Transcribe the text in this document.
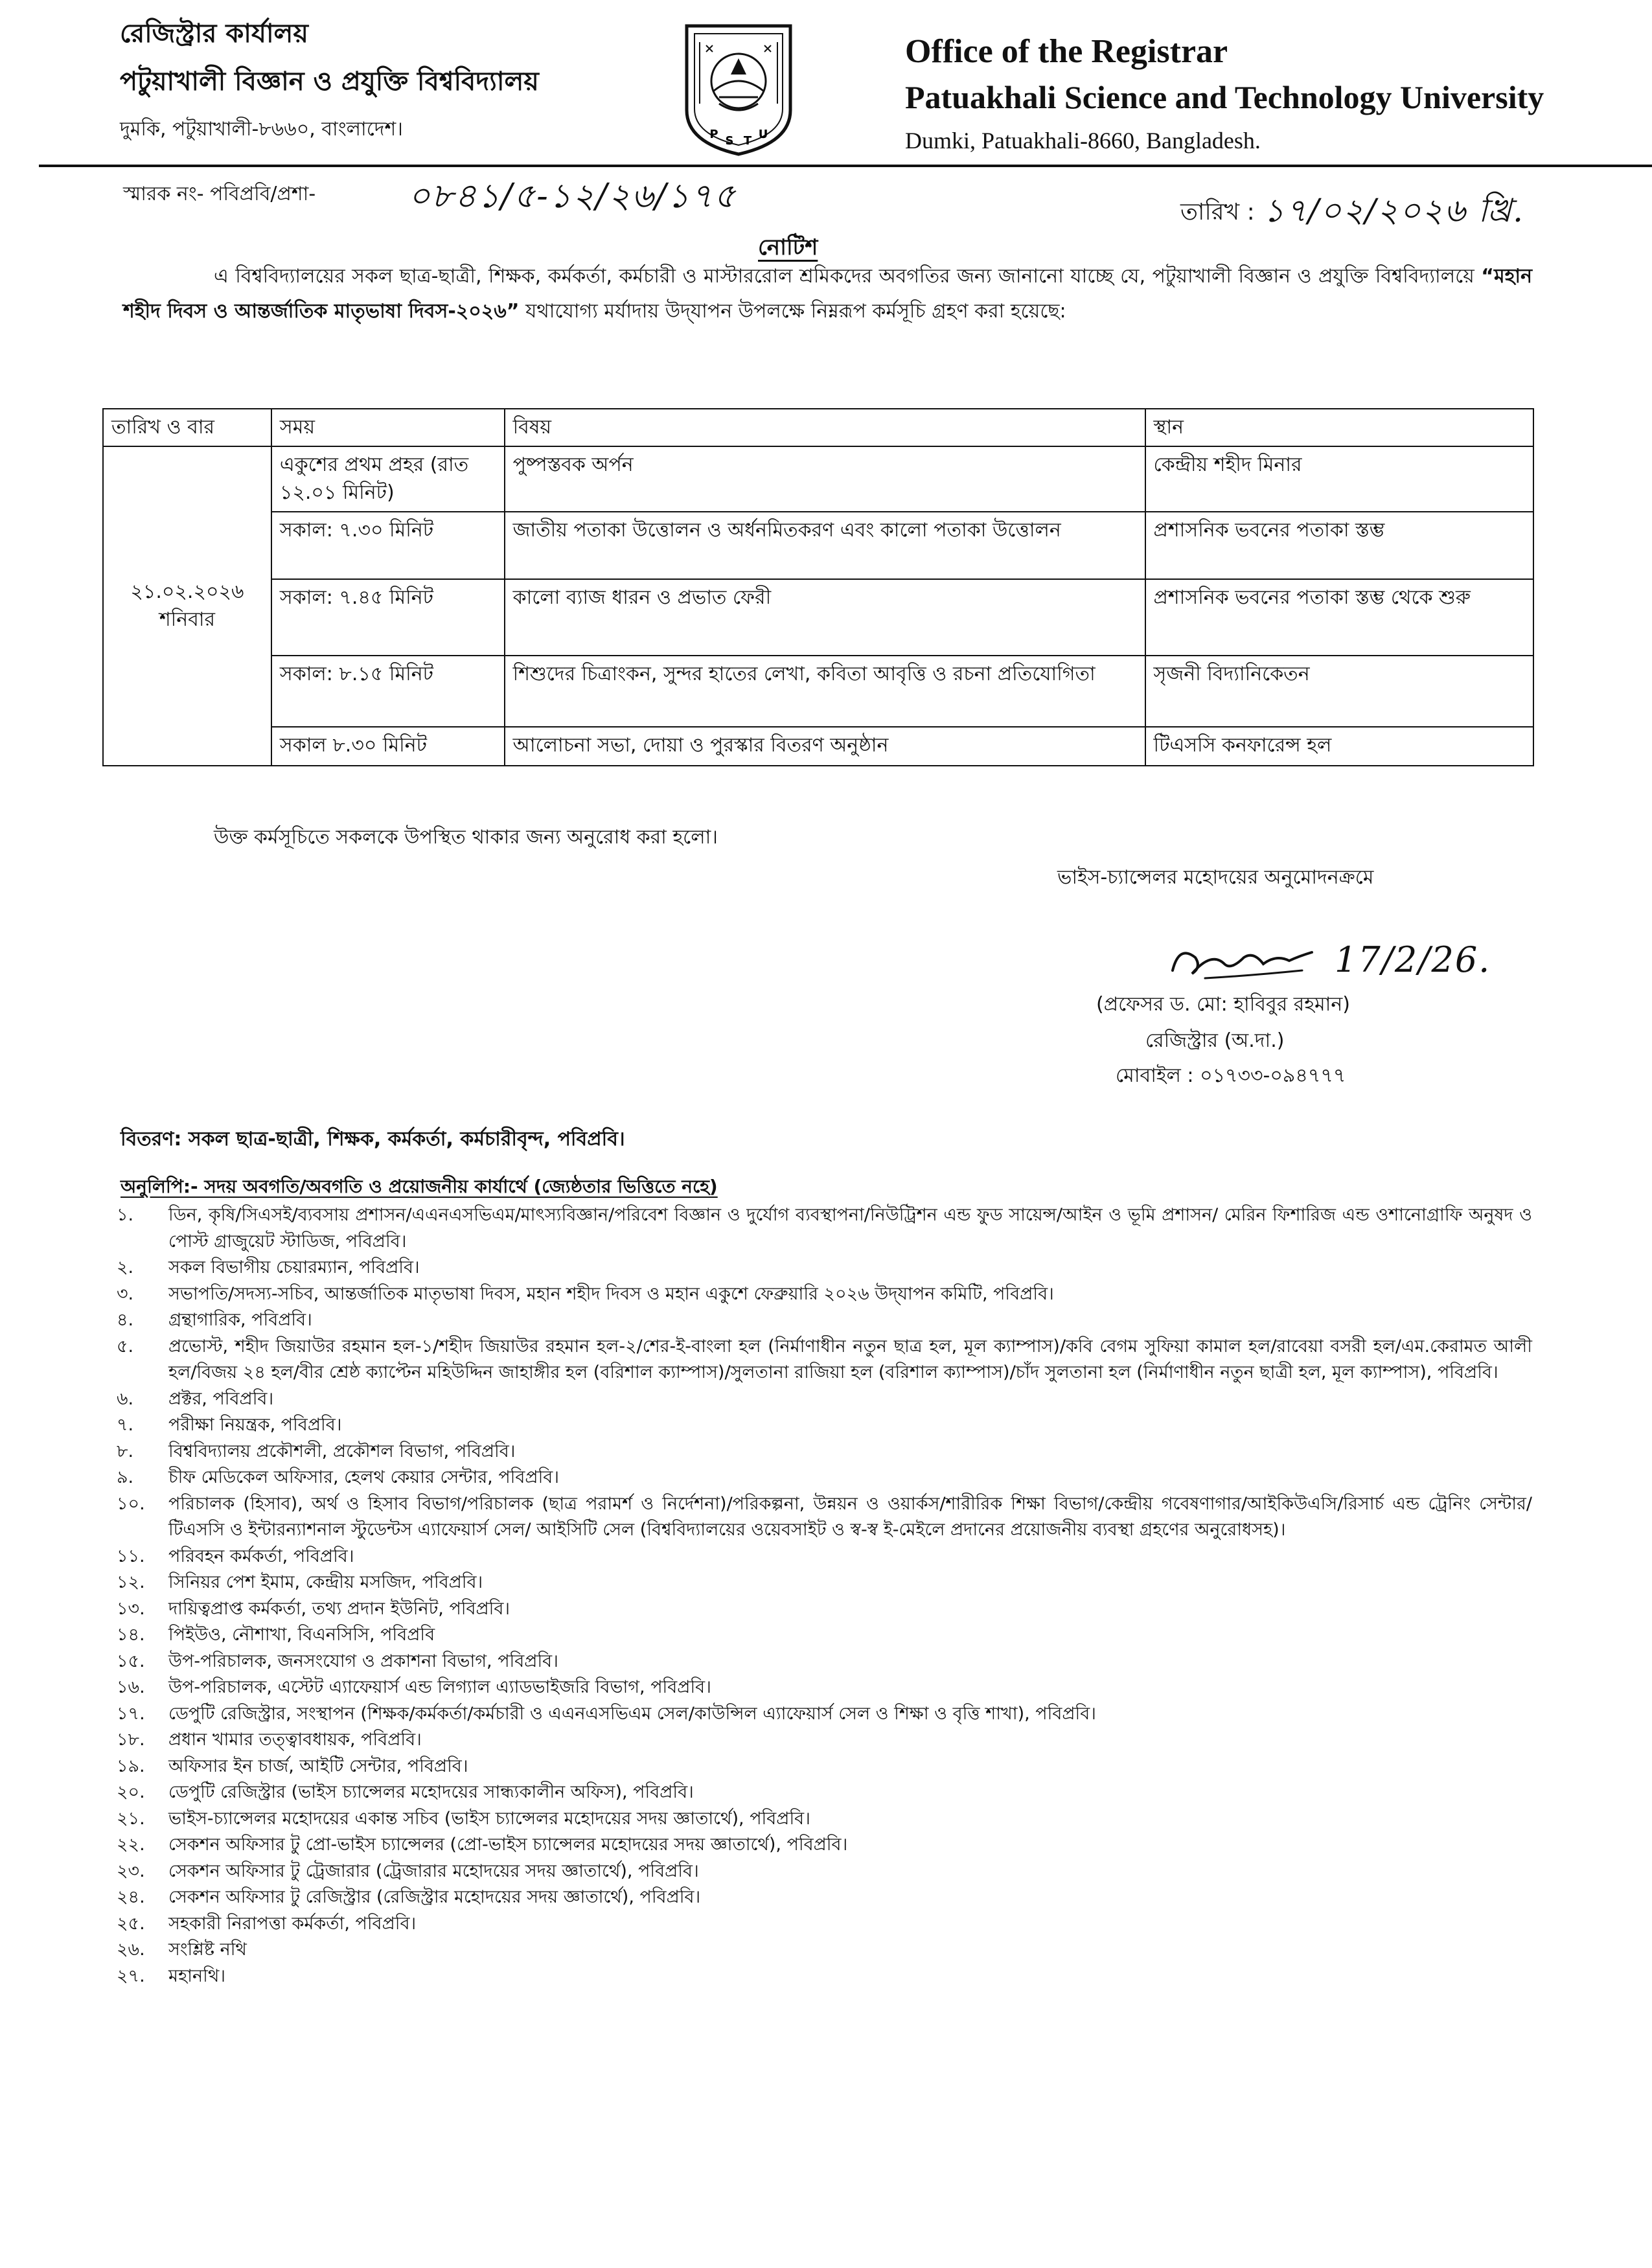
রেজিস্ট্রার কার্যালয়
পটুয়াখালী বিজ্ঞান ও প্রযুক্তি বিশ্ববিদ্যালয়
দুমকি, পটুয়াখালী-৮৬৬০, বাংলাদেশ।	P S T U
Office of the Registrar
Patuakhali Science and Technology University
Dumki, Patuakhali-8660, Bangladesh.
স্মারক নং- পবিপ্রবি/প্রশা-	০৮৪১/৫-১২/২৬/১৭৫	তারিখ : ১৭/০২/২০২৬ খ্রি.
নোটিশ
এ বিশ্ববিদ্যালয়ের সকল ছাত্র-ছাত্রী, শিক্ষক, কর্মকর্তা, কর্মচারী ও মাস্টাররোল শ্রমিকদের অবগতির জন্য জানানো যাচ্ছে যে, পটুয়াখালী বিজ্ঞান ও প্রযুক্তি বিশ্ববিদ্যালয়ে “মহান শহীদ দিবস ও আন্তর্জাতিক মাতৃভাষা দিবস-২০২৬” যথাযোগ্য মর্যাদায় উদ্‌যাপন উপলক্ষে নিম্নরূপ কর্মসূচি গ্রহণ করা হয়েছে:
তারিখ ও বার	সময়	বিষয়	স্থান

২১.০২.২০২৬
শনিবার	একুশের প্রথম প্রহর (রাত ১২.০১ মিনিট)	পুষ্পস্তবক অর্পন	কেন্দ্রীয় শহীদ মিনার
	সকাল: ৭.৩০ মিনিট	জাতীয় পতাকা উত্তোলন ও অর্ধনমিতকরণ এবং কালো পতাকা উত্তোলন	প্রশাসনিক ভবনের পতাকা স্তম্ভ
	সকাল: ৭.৪৫ মিনিট	কালো ব্যাজ ধারন ও প্রভাত ফেরী	প্রশাসনিক ভবনের পতাকা স্তম্ভ থেকে শুরু
	সকাল: ৮.১৫ মিনিট	শিশুদের চিত্রাংকন, সুন্দর হাতের লেখা, কবিতা আবৃত্তি ও রচনা প্রতিযোগিতা	সৃজনী বিদ্যানিকেতন
	সকাল ৮.৩০ মিনিট	আলোচনা সভা, দোয়া ও পুরস্কার বিতরণ অনুষ্ঠান	টিএসসি কনফারেন্স হল
উক্ত কর্মসূচিতে সকলকে উপস্থিত থাকার জন্য অনুরোধ করা হলো।
ভাইস-চ্যান্সেলর মহোদয়ের অনুমোদনক্রমে
17/2/26.
(প্রফেসর ড. মো: হাবিবুর রহমান)
রেজিস্ট্রার (অ.দা.)
মোবাইল : ০১৭৩৩-০৯৪৭৭৭
বিতরণ: সকল ছাত্র-ছাত্রী, শিক্ষক, কর্মকর্তা, কর্মচারীবৃন্দ, পবিপ্রবি।
অনুলিপি:- সদয় অবগতি/অবগতি ও প্রয়োজনীয় কার্যার্থে (জ্যেষ্ঠতার ভিত্তিতে নহে)
১.	ডিন, কৃষি/সিএসই/ব্যবসায় প্রশাসন/এএনএসভিএম/মাৎস্যবিজ্ঞান/পরিবেশ বিজ্ঞান ও দুর্যোগ ব্যবস্থাপনা/নিউট্রিশন এন্ড ফুড সায়েন্স/আইন ও ভূমি প্রশাসন/ মেরিন ফিশারিজ এন্ড ওশানোগ্রাফি অনুষদ ও পোস্ট গ্রাজুয়েট স্টাডিজ, পবিপ্রবি।
২.	সকল বিভাগীয় চেয়ারম্যান, পবিপ্রবি।
৩.	সভাপতি/সদস্য-সচিব, আন্তর্জাতিক মাতৃভাষা দিবস, মহান শহীদ দিবস ও মহান একুশে ফেব্রুয়ারি ২০২৬ উদ্‌যাপন কমিটি, পবিপ্রবি।
৪.	গ্রন্থাগারিক, পবিপ্রবি।
৫.	প্রভোস্ট, শহীদ জিয়াউর রহমান হল-১/শহীদ জিয়াউর রহমান হল-২/শের-ই-বাংলা হল (নির্মাণাধীন নতুন ছাত্র হল, মূল ক্যাম্পাস)/কবি বেগম সুফিয়া কামাল হল/রাবেয়া বসরী হল/এম.কেরামত আলী হল/বিজয় ২৪ হল/বীর শ্রেষ্ঠ ক্যাপ্টেন মহিউদ্দিন জাহাঙ্গীর হল (বরিশাল ক্যাম্পাস)/সুলতানা রাজিয়া হল (বরিশাল ক্যাম্পাস)/চাঁদ সুলতানা হল (নির্মাণাধীন নতুন ছাত্রী হল, মূল ক্যাম্পাস), পবিপ্রবি।
৬.	প্রক্টর, পবিপ্রবি।
৭.	পরীক্ষা নিয়ন্ত্রক, পবিপ্রবি।
৮.	বিশ্ববিদ্যালয় প্রকৌশলী, প্রকৌশল বিভাগ, পবিপ্রবি।
৯.	চীফ মেডিকেল অফিসার, হেলথ কেয়ার সেন্টার, পবিপ্রবি।
১০.	পরিচালক (হিসাব), অর্থ ও হিসাব বিভাগ/পরিচালক (ছাত্র পরামর্শ ও নির্দেশনা)/পরিকল্পনা, উন্নয়ন ও ওয়ার্কস/শারীরিক শিক্ষা বিভাগ/কেন্দ্রীয় গবেষণাগার/আইকিউএসি/রিসার্চ এন্ড ট্রেনিং সেন্টার/টিএসসি ও ইন্টারন্যাশনাল স্টুডেন্টস এ্যাফেয়ার্স সেল/ আইসিটি সেল (বিশ্ববিদ্যালয়ের ওয়েবসাইট ও স্ব-স্ব ই-মেইলে প্রদানের প্রয়োজনীয় ব্যবস্থা গ্রহণের অনুরোধসহ)।
১১.	পরিবহন কর্মকর্তা, পবিপ্রবি।
১২.	সিনিয়র পেশ ইমাম, কেন্দ্রীয় মসজিদ, পবিপ্রবি।
১৩.	দায়িত্বপ্রাপ্ত কর্মকর্তা, তথ্য প্রদান ইউনিট, পবিপ্রবি।
১৪.	পিইউও, নৌশাখা, বিএনসিসি, পবিপ্রবি
১৫.	উপ-পরিচালক, জনসংযোগ ও প্রকাশনা বিভাগ, পবিপ্রবি।
১৬.	উপ-পরিচালক, এস্টেট এ্যাফেয়ার্স এন্ড লিগ্যাল এ্যাডভাইজরি বিভাগ, পবিপ্রবি।
১৭.	ডেপুটি রেজিস্ট্রার, সংস্থাপন (শিক্ষক/কর্মকর্তা/কর্মচারী ও এএনএসভিএম সেল/কাউন্সিল এ্যাফেয়ার্স সেল ও শিক্ষা ও বৃত্তি শাখা), পবিপ্রবি।
১৮.	প্রধান খামার তত্ত্বাবধায়ক, পবিপ্রবি।
১৯.	অফিসার ইন চার্জ, আইটি সেন্টার, পবিপ্রবি।
২০.	ডেপুটি রেজিস্ট্রার (ভাইস চ্যান্সেলর মহোদয়ের সান্ধ্যকালীন অফিস), পবিপ্রবি।
২১.	ভাইস-চ্যান্সেলর মহোদয়ের একান্ত সচিব (ভাইস চ্যান্সেলর মহোদয়ের সদয় জ্ঞাতার্থে), পবিপ্রবি।
২২.	সেকশন অফিসার টু প্রো-ভাইস চ্যান্সেলর (প্রো-ভাইস চ্যান্সেলর মহোদয়ের সদয় জ্ঞাতার্থে), পবিপ্রবি।
২৩.	সেকশন অফিসার টু ট্রেজারার (ট্রেজারার মহোদয়ের সদয় জ্ঞাতার্থে), পবিপ্রবি।
২৪.	সেকশন অফিসার টু রেজিস্ট্রার (রেজিস্ট্রার মহোদয়ের সদয় জ্ঞাতার্থে), পবিপ্রবি।
২৫.	সহকারী নিরাপত্তা কর্মকর্তা, পবিপ্রবি।
২৬.	সংশ্লিষ্ট নথি
২৭.	মহানথি।
